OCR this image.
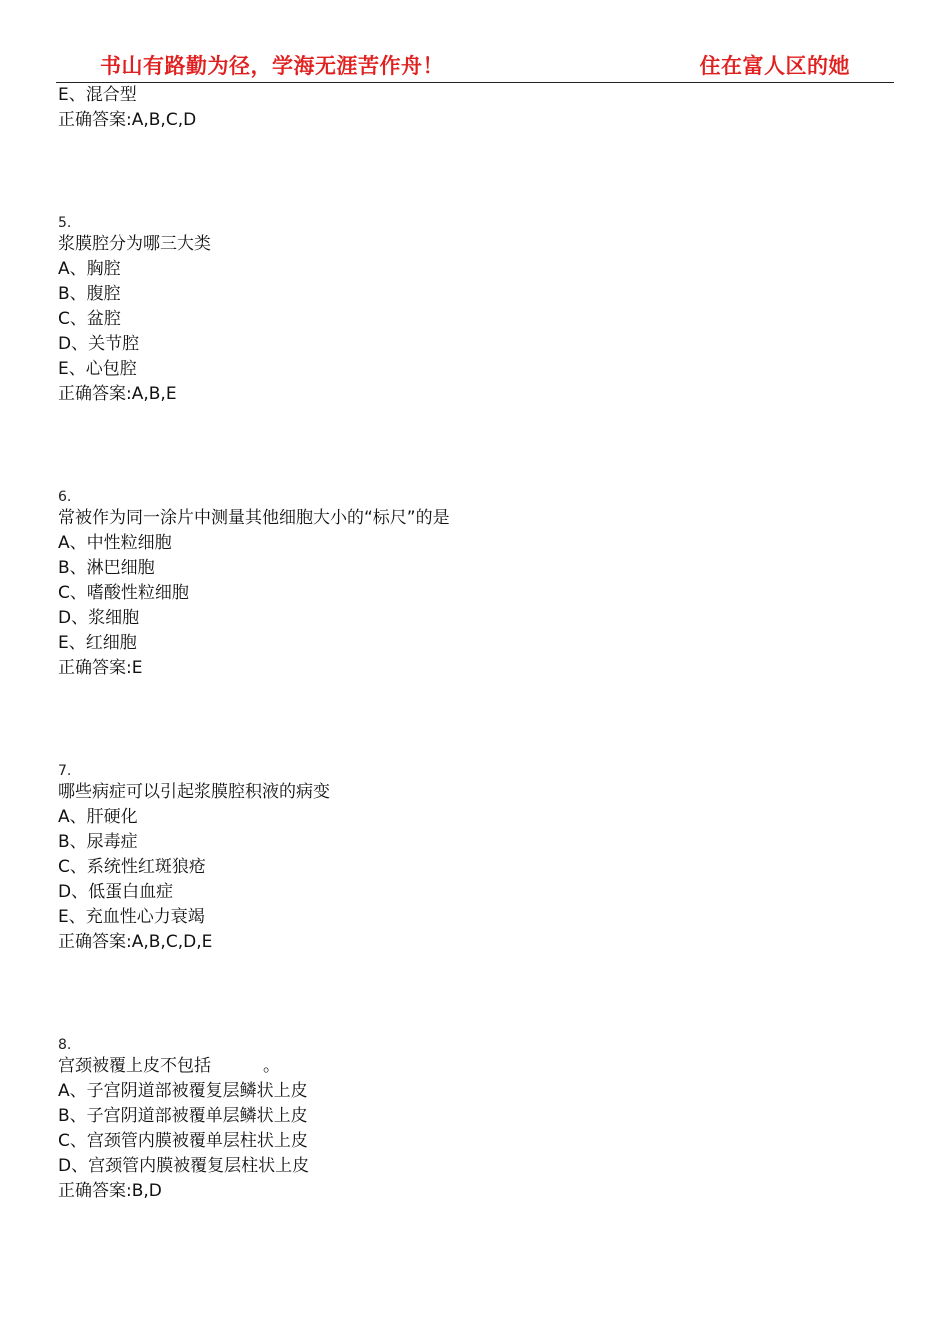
书山有路勤为径，学海无涯苦作舟！	住在富人区的她
E、混合型
正确答案:A,B,C,D
5.
浆膜腔分为哪三大类
A、胸腔
B、腹腔
C、盆腔
D、关节腔
E、心包腔
正确答案:A,B,E
6.
常被作为同一涂片中测量其他细胞大小的“标尺”的是
A、中性粒细胞
B、淋巴细胞
C、嗜酸性粒细胞
D、浆细胞
E、红细胞
正确答案:E
7.
哪些病症可以引起浆膜腔积液的病变
A、肝硬化
B、尿毒症
C、系统性红斑狼疮
D、低蛋白血症
E、充血性心力衰竭
正确答案:A,B,C,D,E
8.
宫颈被覆上皮不包括	。
A、子宫阴道部被覆复层鳞状上皮
B、子宫阴道部被覆单层鳞状上皮
C、宫颈管内膜被覆单层柱状上皮
D、宫颈管内膜被覆复层柱状上皮
正确答案:B,D
